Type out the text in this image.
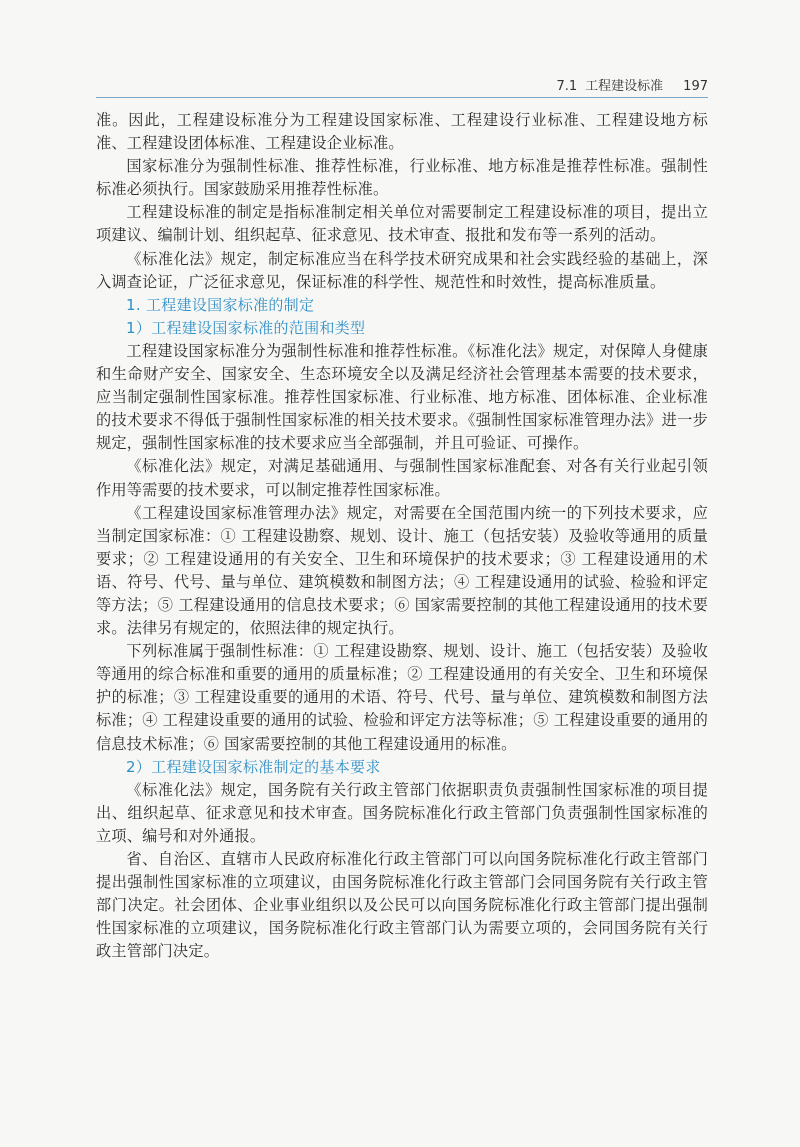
7.1 工程建设标准 197

准。因此，工程建设标准分为工程建设国家标准、工程建设行业标准、工程建设地方标准、工程建设团体标准、工程建设企业标准。

国家标准分为强制性标准、推荐性标准，行业标准、地方标准是推荐性标准。强制性标准必须执行。国家鼓励采用推荐性标准。

工程建设标准的制定是指标准制定相关单位对需要制定工程建设标准的项目，提出立项建议、编制计划、组织起草、征求意见、技术审查、报批和发布等一系列的活动。

《标准化法》规定，制定标准应当在科学技术研究成果和社会实践经验的基础上，深入调查论证，广泛征求意见，保证标准的科学性、规范性和时效性，提高标准质量。

1. 工程建设国家标准的制定

1）工程建设国家标准的范围和类型

工程建设国家标准分为强制性标准和推荐性标准。《标准化法》规定，对保障人身健康和生命财产安全、国家安全、生态环境安全以及满足经济社会管理基本需要的技术要求，应当制定强制性国家标准。推荐性国家标准、行业标准、地方标准、团体标准、企业标准的技术要求不得低于强制性国家标准的相关技术要求。《强制性国家标准管理办法》进一步规定，强制性国家标准的技术要求应当全部强制，并且可验证、可操作。

《标准化法》规定，对满足基础通用、与强制性国家标准配套、对各有关行业起引领作用等需要的技术要求，可以制定推荐性国家标准。

《工程建设国家标准管理办法》规定，对需要在全国范围内统一的下列技术要求，应当制定国家标准：① 工程建设勘察、规划、设计、施工（包括安装）及验收等通用的质量要求；② 工程建设通用的有关安全、卫生和环境保护的技术要求；③ 工程建设通用的术语、符号、代号、量与单位、建筑模数和制图方法；④ 工程建设通用的试验、检验和评定等方法；⑤ 工程建设通用的信息技术要求；⑥ 国家需要控制的其他工程建设通用的技术要求。法律另有规定的，依照法律的规定执行。

下列标准属于强制性标准：① 工程建设勘察、规划、设计、施工（包括安装）及验收等通用的综合标准和重要的通用的质量标准；② 工程建设通用的有关安全、卫生和环境保护的标准；③ 工程建设重要的通用的术语、符号、代号、量与单位、建筑模数和制图方法标准；④ 工程建设重要的通用的试验、检验和评定方法等标准；⑤ 工程建设重要的通用的信息技术标准；⑥ 国家需要控制的其他工程建设通用的标准。

2）工程建设国家标准制定的基本要求

《标准化法》规定，国务院有关行政主管部门依据职责负责强制性国家标准的项目提出、组织起草、征求意见和技术审查。国务院标准化行政主管部门负责强制性国家标准的立项、编号和对外通报。

省、自治区、直辖市人民政府标准化行政主管部门可以向国务院标准化行政主管部门提出强制性国家标准的立项建议，由国务院标准化行政主管部门会同国务院有关行政主管部门决定。社会团体、企业事业组织以及公民可以向国务院标准化行政主管部门提出强制性国家标准的立项建议，国务院标准化行政主管部门认为需要立项的，会同国务院有关行政主管部门决定。
